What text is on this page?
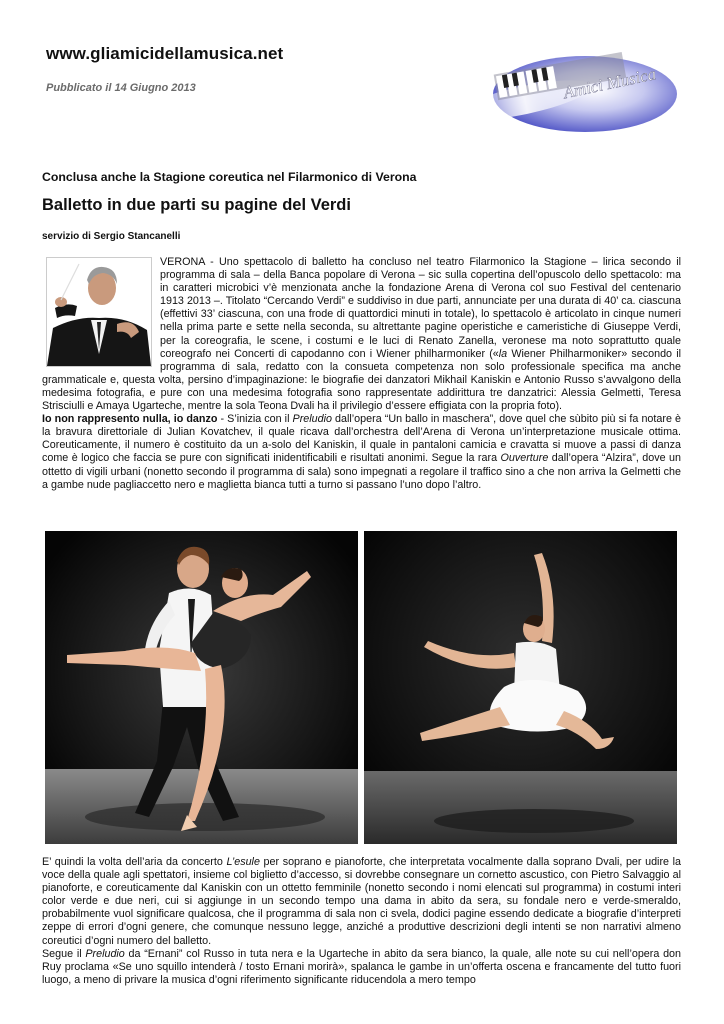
www.gliamicidellamusica.net
Pubblicato il 14 Giugno 2013	Amici Musica
Conclusa anche la Stagione coreutica nel Filarmonico di Verona
Balletto in due parti su pagine del Verdi
servizio di Sergio Stancanelli

VERONA - Uno spettacolo di balletto ha concluso nel teatro Filarmonico la Stagione – lirica secondo il programma di sala – della Banca popolare di Verona – sic sulla copertina dell’opuscolo dello spettacolo: ma in caratteri microbici v’è menzionata anche la fondazione Arena di Verona col suo Festival del centenario 1913 2013 –. Titolato “Cercando Verdi” e suddiviso in due parti, annunciate per una durata di 40’ ca. ciascuna (effettivi 33’ ciascuna, con una frode di quattordici minuti in totale), lo spettacolo è articolato in cinque numeri nella prima parte e sette nella seconda, su altrettante pagine operistiche e cameristiche di Giuseppe Verdi, per la coreografia, le scene, i costumi e le luci di Renato Zanella, veronese ma noto soprattutto quale coreografo nei Concerti di capodanno con i Wiener philharmoniker («la Wiener Philharmoniker» secondo il programma di sala, redatto con la consueta competenza non solo professionale specifica ma anche grammaticale e, questa volta, persino d’impaginazione: le biografie dei danzatori Mikhail Kaniskin e Antonio Russo s’avvalgono della medesima fotografia, e pure con una medesima fotografia sono rappresentate addirittura tre danzatrici: Alessia Gelmetti, Teresa Strisciulli e Amaya Ugarteche, mentre la sola Teona Dvali ha il privilegio d’essere effigiata con la propria foto).

Io non rappresento nulla, io danzo - S’inizia con il Preludio dall’opera “Un ballo in maschera”, dove quel che sùbito più si fa notare è la bravura direttoriale di Julian Kovatchev, il quale ricava dall’orchestra dell’Arena di Verona un’interpretazione musicale ottima. Coreuticamente, il numero è costituito da un a-solo del Kaniskin, il quale in pantaloni camicia e cravatta si muove a passi di danza come è logico che faccia se pure con significati inidentificabili e risultati anonimi. Segue la rara Ouverture dall’opera “Alzira”, dove un ottetto di vigili urbani (nonetto secondo il programma di sala) sono impegnati a regolare il traffico sino a che non arriva la Gelmetti che a gambe nude pagliaccetto nero e maglietta bianca tutti a turno si passano l’uno dopo l’altro.

E’ quindi la volta dell’aria da concerto L’esule per soprano e pianoforte, che interpretata vocalmente dalla soprano Dvali, per udire la voce della quale agli spettatori, insieme col biglietto d’accesso, si dovrebbe consegnare un cornetto ascustico, con Pietro Salvaggio al pianoforte, e coreuticamente dal Kaniskin con un ottetto femminile (nonetto secondo i nomi elencati sul programma) in costumi interi color verde e due neri, cui si aggiunge in un secondo tempo una dama in abito da sera, su fondale nero e verde-smeraldo, probabilmente vuol significare qualcosa, che il programma di sala non ci svela, dodici pagine essendo dedicate a biografie d’interpreti zeppe di errori d’ogni genere, che comunque nessuno legge, anziché a produttive descrizioni degli intenti se non narrativi almeno coreutici d’ogni numero del balletto.

Segue il Preludio da “Ernani” col Russo in tuta nera e la Ugarteche in abito da sera bianco, la quale, alle note su cui nell’opera don Ruy proclama «Se uno squillo intenderà / tosto Ernani morirà», spalanca le gambe in un’offerta oscena e francamente del tutto fuori luogo, a meno di privare la musica d’ogni riferimento significante riducendola a mero tempo
